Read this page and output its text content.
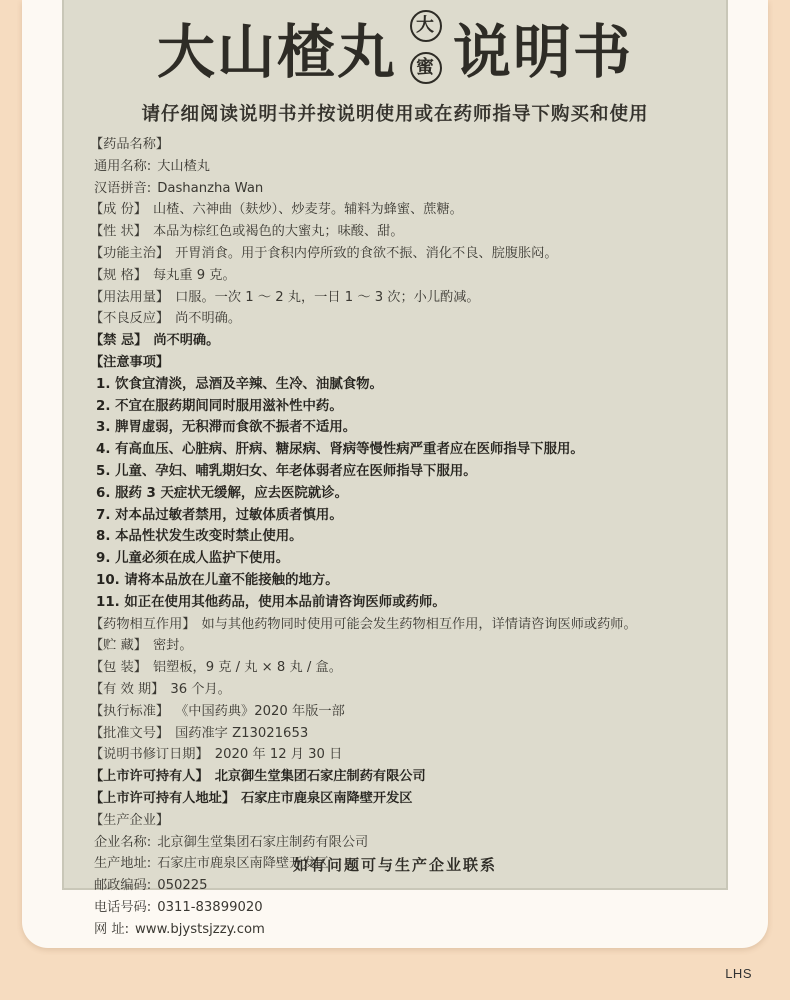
大山楂丸	大
蜜 说明书
请仔细阅读说明书并按说明使用或在药师指导下购买和使用
【药品名称】
通用名称: 大山楂丸
汉语拼音: Dashanzha Wan
【成 份】 山楂、六神曲（麸炒）、炒麦芽。辅料为蜂蜜、蔗糖。
【性 状】 本品为棕红色或褐色的大蜜丸；味酸、甜。
【功能主治】 开胃消食。用于食积内停所致的食欲不振、消化不良、脘腹胀闷。
【规 格】 每丸重 9 克。
【用法用量】 口服。一次 1 ～ 2 丸，一日 1 ～ 3 次；小儿酌减。
【不良反应】 尚不明确。
【禁 忌】 尚不明确。
【注意事项】
1. 饮食宜清淡，忌酒及辛辣、生冷、油腻食物。
2. 不宜在服药期间同时服用滋补性中药。
3. 脾胃虚弱，无积滞而食欲不振者不适用。
4. 有高血压、心脏病、肝病、糖尿病、肾病等慢性病严重者应在医师指导下服用。
5. 儿童、孕妇、哺乳期妇女、年老体弱者应在医师指导下服用。
6. 服药 3 天症状无缓解，应去医院就诊。
7. 对本品过敏者禁用，过敏体质者慎用。
8. 本品性状发生改变时禁止使用。
9. 儿童必须在成人监护下使用。
10. 请将本品放在儿童不能接触的地方。
11. 如正在使用其他药品，使用本品前请咨询医师或药师。
【药物相互作用】 如与其他药物同时使用可能会发生药物相互作用，详情请咨询医师或药师。
【贮 藏】 密封。
【包 装】 铝塑板，9 克 / 丸 × 8 丸 / 盒。
【有 效 期】 36 个月。
【执行标准】 《中国药典》2020 年版一部
【批准文号】 国药准字 Z13021653
【说明书修订日期】 2020 年 12 月 30 日
【上市许可持有人】 北京御生堂集团石家庄制药有限公司
【上市许可持有人地址】 石家庄市鹿泉区南降壁开发区
【生产企业】
企业名称: 北京御生堂集团石家庄制药有限公司
生产地址: 石家庄市鹿泉区南降壁开发区
邮政编码: 050225
电话号码: 0311-83899020
网 址: www.bjystsjzzy.com
如有问题可与生产企业联系
LHS
